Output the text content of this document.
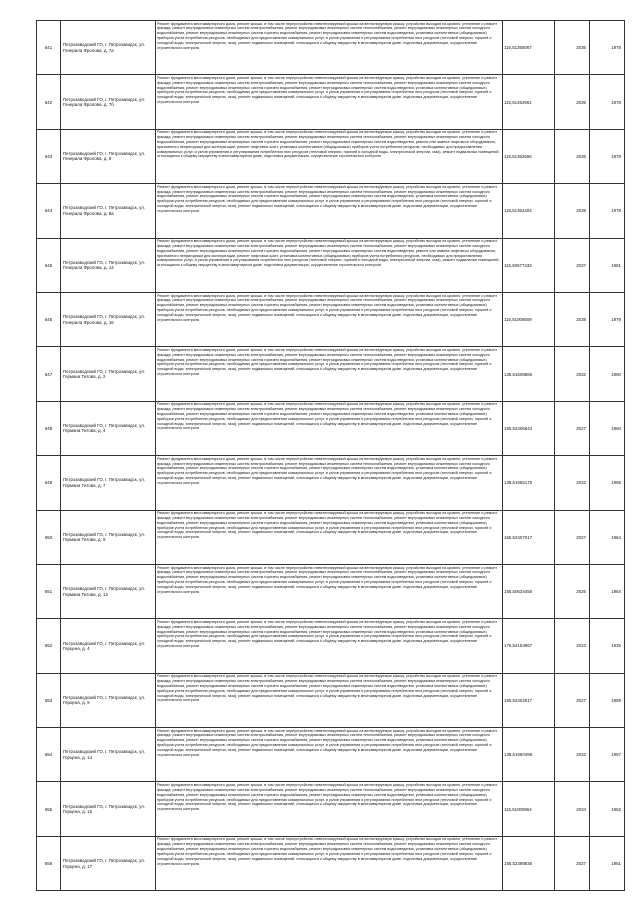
641	Петрозаводский ГО, г. Петрозаводск, ул. Генерала Фролова, д. 7а	Ремонт фундамента многоквартирного дома, ремонт крыши, в том числе переустройство невентилируемой крыши на вентилируемую крышу, устройство выходов на кровлю, утепление и ремонт фасада, ремонт внутридомовых инженерных систем электроснабжения, ремонт внутридомовых инженерных систем теплоснабжения, ремонт внутридомовых инженерных систем холодного водоснабжения, ремонт внутридомовых инженерных систем горячего водоснабжения, ремонт внутридомовых инженерных систем водоотведения, установка коллективных (общедомовых) приборов учета потребления ресурсов, необходимых для предоставления коммунальных услуг, и узлов управления и регулирования потребления этих ресурсов (тепловой энергии, горячей и холодной воды, электрической энергии, газа), ремонт подвальных помещений, относящихся к общему имуществу в многоквартирном доме, подготовка документации, осуществление строительного контроля	115,51355067	2036	1978
642	Петрозаводский ГО, г. Петрозаводск, ул. Генерала Фролова, д. 7б	Ремонт фундамента многоквартирного дома, ремонт крыши, в том числе переустройство невентилируемой крыши на вентилируемую крышу, устройство выходов на кровлю, утепление и ремонт фасада, ремонт внутридомовых инженерных систем электроснабжения, ремонт внутридомовых инженерных систем теплоснабжения, ремонт внутридомовых инженерных систем холодного водоснабжения, ремонт внутридомовых инженерных систем горячего водоснабжения, ремонт внутридомовых инженерных систем водоотведения, установка коллективных (общедомовых) приборов учета потребления ресурсов, необходимых для предоставления коммунальных услуг, и узлов управления и регулирования потребления этих ресурсов (тепловой энергии, горячей и холодной воды, электрической энергии, газа), ремонт подвальных помещений, относящихся к общему имуществу в многоквартирном доме, подготовка документации, осуществление строительного контроля	115,51462961	2036	1978
643	Петрозаводский ГО, г. Петрозаводск, ул. Генерала Фролова, д. 8	Ремонт фундамента многоквартирного дома, ремонт крыши, в том числе переустройство невентилируемой крыши на вентилируемую крышу, устройство выходов на кровлю, утепление и ремонт фасада, ремонт внутридомовых инженерных систем электроснабжения, ремонт внутридомовых инженерных систем теплоснабжения, ремонт внутридомовых инженерных систем холодного водоснабжения, ремонт внутридомовых инженерных систем горячего водоснабжения, ремонт внутридомовых инженерных систем водоотведения, ремонт или замена лифтового оборудования, признанного непригодным для эксплуатации, ремонт лифтовых шахт, установка коллективных (общедомовых) приборов учета потребления ресурсов, необходимых для предоставления коммунальных услуг, и узлов управления и регулирования потребления этих ресурсов (тепловой энергии, горячей и холодной воды, электрической энергии, газа), ремонт подвальных помещений, относящихся к общему имуществу в многоквартирном доме, подготовка документации, осуществление строительного контроля	115,51362666	2036	1978
644	Петрозаводский ГО, г. Петрозаводск, ул. Генерала Фролова, д. 8а	Ремонт фундамента многоквартирного дома, ремонт крыши, в том числе переустройство невентилируемой крыши на вентилируемую крышу, устройство выходов на кровлю, утепление и ремонт фасада, ремонт внутридомовых инженерных систем электроснабжения, ремонт внутридомовых инженерных систем теплоснабжения, ремонт внутридомовых инженерных систем холодного водоснабжения, ремонт внутридомовых инженерных систем горячего водоснабжения, ремонт внутридомовых инженерных систем водоотведения, установка коллективных (общедомовых) приборов учета потребления ресурсов, необходимых для предоставления коммунальных услуг, и узлов управления и регулирования потребления этих ресурсов (тепловой энергии, горячей и холодной воды, электрической энергии, газа), ремонт подвальных помещений, относящихся к общему имуществу в многоквартирном доме, подготовка документации, осуществление строительного контроля	115,51362404	2035	1978
645	Петрозаводский ГО, г. Петрозаводск, ул. Генерала Фролова, д. 14	Ремонт фундамента многоквартирного дома, ремонт крыши, в том числе переустройство невентилируемой крыши на вентилируемую крышу, устройство выходов на кровлю, утепление и ремонт фасада, ремонт внутридомовых инженерных систем электроснабжения, ремонт внутридомовых инженерных систем теплоснабжения, ремонт внутридомовых инженерных систем холодного водоснабжения, ремонт внутридомовых инженерных систем горячего водоснабжения, ремонт внутридомовых инженерных систем водоотведения, ремонт или замена лифтового оборудования, признанного непригодным для эксплуатации, ремонт лифтовых шахт, установка коллективных (общедомовых) приборов учета потребления ресурсов, необходимых для предоставления коммунальных услуг, и узлов управления и регулирования потребления этих ресурсов (тепловой энергии, горячей и холодной воды, электрической энергии, газа), ремонт подвальных помещений, относящихся к общему имуществу в многоквартирном доме, подготовка документации, осуществление строительного контроля	115,50677433	2037	1981
646	Петрозаводский ГО, г. Петрозаводск, ул. Генерала Фролова, д. 16	Ремонт фундамента многоквартирного дома, ремонт крыши, в том числе переустройство невентилируемой крыши на вентилируемую крышу, устройство выходов на кровлю, утепление и ремонт фасада, ремонт внутридомовых инженерных систем электроснабжения, ремонт внутридомовых инженерных систем теплоснабжения, ремонт внутридомовых инженерных систем холодного водоснабжения, ремонт внутридомовых инженерных систем горячего водоснабжения, ремонт внутридомовых инженерных систем водоотведения, установка коллективных (общедомовых) приборов учета потребления ресурсов, необходимых для предоставления коммунальных услуг, и узлов управления и регулирования потребления этих ресурсов (тепловой энергии, горячей и холодной воды, электрической энергии, газа), ремонт подвальных помещений, относящихся к общему имуществу в многоквартирном доме, подготовка документации, осуществление строительного контроля	115,51006609	2038	1979
647	Петрозаводский ГО, г. Петрозаводск, ул. Германа Титова, д. 2	Ремонт фундамента многоквартирного дома, ремонт крыши, в том числе переустройство невентилируемой крыши на вентилируемую крышу, устройство выходов на кровлю, утепление и ремонт фасада, ремонт внутридомовых инженерных систем электроснабжения, ремонт внутридомовых инженерных систем теплоснабжения, ремонт внутридомовых инженерных систем холодного водоснабжения, ремонт внутридомовых инженерных систем горячего водоснабжения, ремонт внутридомовых инженерных систем водоотведения, установка коллективных (общедомовых) приборов учета потребления ресурсов, необходимых для предоставления коммунальных услуг, и узлов управления и регулирования потребления этих ресурсов (тепловой энергии, горячей и холодной воды, электрической энергии, газа), ремонт подвальных помещений, относящихся к общему имуществу в многоквартирном доме, подготовка документации, осуществление строительного контроля	135,51608866	2032	1960
648	Петрозаводский ГО, г. Петрозаводск, ул. Германа Титова, д. 4	Ремонт фундамента многоквартирного дома, ремонт крыши, в том числе переустройство невентилируемой крыши на вентилируемую крышу, устройство выходов на кровлю, утепление и ремонт фасада, ремонт внутридомовых инженерных систем электроснабжения, ремонт внутридомовых инженерных систем теплоснабжения, ремонт внутридомовых инженерных систем холодного водоснабжения, ремонт внутридомовых инженерных систем горячего водоснабжения, ремонт внутридомовых инженерных систем водоотведения, установка коллективных (общедомовых) приборов учета потребления ресурсов, необходимых для предоставления коммунальных услуг, и узлов управления и регулирования потребления этих ресурсов (тепловой энергии, горячей и холодной воды, электрической энергии, газа), ремонт подвальных помещений, относящихся к общему имуществу в многоквартирном доме, подготовка документации, осуществление строительного контроля	155,52406844	2027	1960
649	Петрозаводский ГО, г. Петрозаводск, ул. Германа Титова, д. 7	Ремонт фундамента многоквартирного дома, ремонт крыши, в том числе переустройство невентилируемой крыши на вентилируемую крышу, устройство выходов на кровлю, утепление и ремонт фасада, ремонт внутридомовых инженерных систем электроснабжения, ремонт внутридомовых инженерных систем теплоснабжения, ремонт внутридомовых инженерных систем холодного водоснабжения, ремонт внутридомовых инженерных систем горячего водоснабжения, ремонт внутридомовых инженерных систем водоотведения, установка коллективных (общедомовых) приборов учета потребления ресурсов, необходимых для предоставления коммунальных услуг, и узлов управления и регулирования потребления этих ресурсов (тепловой энергии, горячей и холодной воды, электрической энергии, газа), ремонт подвальных помещений, относящихся к общему имуществу в многоквартирном доме, подготовка документации, осуществление строительного контроля	135,51965175	2032	1955
650	Петрозаводский ГО, г. Петрозаводск, ул. Германа Титова, д. 9	Ремонт фундамента многоквартирного дома, ремонт крыши, в том числе переустройство невентилируемой крыши на вентилируемую крышу, устройство выходов на кровлю, утепление и ремонт фасада, ремонт внутридомовых инженерных систем электроснабжения, ремонт внутридомовых инженерных систем теплоснабжения, ремонт внутридомовых инженерных систем холодного водоснабжения, ремонт внутридомовых инженерных систем горячего водоснабжения, ремонт внутридомовых инженерных систем водоотведения, установка коллективных (общедомовых) приборов учета потребления ресурсов, необходимых для предоставления коммунальных услуг, и узлов управления и регулирования потребления этих ресурсов (тепловой энергии, горячей и холодной воды, электрической энергии, газа), ремонт подвальных помещений, относящихся к общему имуществу в многоквартирном доме, подготовка документации, осуществление строительного контроля	155,52407017	2027	1964
651	Петрозаводский ГО, г. Петрозаводск, ул. Германа Титова, д. 12	Ремонт фундамента многоквартирного дома, ремонт крыши, в том числе переустройство невентилируемой крыши на вентилируемую крышу, устройство выходов на кровлю, утепление и ремонт фасада, ремонт внутридомовых инженерных систем электроснабжения, ремонт внутридомовых инженерных систем теплоснабжения, ремонт внутридомовых инженерных систем холодного водоснабжения, ремонт внутридомовых инженерных систем горячего водоснабжения, ремонт внутридомовых инженерных систем водоотведения, установка коллективных (общедомовых) приборов учета потребления ресурсов, необходимых для предоставления коммунальных услуг, и узлов управления и регулирования потребления этих ресурсов (тепловой энергии, горячей и холодной воды, электрической энергии, газа), ремонт подвальных помещений, относящихся к общему имуществу в многоквартирном доме, подготовка документации, осуществление строительного контроля	155,50634456	2026	1964
652	Петрозаводский ГО, г. Петрозаводск, ул. Герцена, д. 4	Ремонт фундамента многоквартирного дома, ремонт крыши, в том числе переустройство невентилируемой крыши на вентилируемую крышу, устройство выходов на кровлю, утепление и ремонт фасада, ремонт внутридомовых инженерных систем электроснабжения, ремонт внутридомовых инженерных систем теплоснабжения, ремонт внутридомовых инженерных систем холодного водоснабжения, ремонт внутридомовых инженерных систем горячего водоснабжения, ремонт внутридомовых инженерных систем водоотведения, установка коллективных (общедомовых) приборов учета потребления ресурсов, необходимых для предоставления коммунальных услуг, и узлов управления и регулирования потребления этих ресурсов (тепловой энергии, горячей и холодной воды, электрической энергии, газа), ремонт подвальных помещений, относящихся к общему имуществу в многоквартирном доме, подготовка документации, осуществление строительного контроля	176,54153967	2023	1926
653	Петрозаводский ГО, г. Петрозаводск, ул. Герцена, д. 9	Ремонт фундамента многоквартирного дома, ремонт крыши, в том числе переустройство невентилируемой крыши на вентилируемую крышу, устройство выходов на кровлю, утепление и ремонт фасада, ремонт внутридомовых инженерных систем электроснабжения, ремонт внутридомовых инженерных систем теплоснабжения, ремонт внутридомовых инженерных систем холодного водоснабжения, ремонт внутридомовых инженерных систем горячего водоснабжения, ремонт внутридомовых инженерных систем водоотведения, установка коллективных (общедомовых) приборов учета потребления ресурсов, необходимых для предоставления коммунальных услуг, и узлов управления и регулирования потребления этих ресурсов (тепловой энергии, горячей и холодной воды, электрической энергии, газа), ремонт подвальных помещений, относящихся к общему имуществу в многоквартирном доме, подготовка документации, осуществление строительного контроля	155,52402517	2027	1959
654	Петрозаводский ГО, г. Петрозаводск, ул. Герцена, д. 14	Ремонт фундамента многоквартирного дома, ремонт крыши, в том числе переустройство невентилируемой крыши на вентилируемую крышу, устройство выходов на кровлю, утепление и ремонт фасада, ремонт внутридомовых инженерных систем электроснабжения, ремонт внутридомовых инженерных систем теплоснабжения, ремонт внутридомовых инженерных систем холодного водоснабжения, ремонт внутридомовых инженерных систем горячего водоснабжения, ремонт внутридомовых инженерных систем водоотведения, установка коллективных (общедомовых) приборов учета потребления ресурсов, необходимых для предоставления коммунальных услуг, и узлов управления и регулирования потребления этих ресурсов (тепловой энергии, горячей и холодной воды, электрической энергии, газа), ремонт подвальных помещений, относящихся к общему имуществу в многоквартирном доме, подготовка документации, осуществление строительного контроля	135,51950459	2032	1957
655	Петрозаводский ГО, г. Петрозаводск, ул. Герцена, д. 15	Ремонт фундамента многоквартирного дома, ремонт крыши, в том числе переустройство невентилируемой крыши на вентилируемую крышу, устройство выходов на кровлю, утепление и ремонт фасада, ремонт внутридомовых инженерных систем электроснабжения, ремонт внутридомовых инженерных систем теплоснабжения, ремонт внутридомовых инженерных систем холодного водоснабжения, ремонт внутридомовых инженерных систем горячего водоснабжения, ремонт внутридомовых инженерных систем водоотведения, установка коллективных (общедомовых) приборов учета потребления ресурсов, необходимых для предоставления коммунальных услуг, и узлов управления и регулирования потребления этих ресурсов (тепловой энергии, горячей и холодной воды, электрической энергии, газа), ремонт подвальных помещений, относящихся к общему имуществу в многоквартирном доме, подготовка документации, осуществление строительного контроля	115,51006964	2034	1962
656	Петрозаводский ГО, г. Петрозаводск, ул. Герцена, д. 17	Ремонт фундамента многоквартирного дома, ремонт крыши, в том числе переустройство невентилируемой крыши на вентилируемую крышу, устройство выходов на кровлю, утепление и ремонт фасада, ремонт внутридомовых инженерных систем электроснабжения, ремонт внутридомовых инженерных систем теплоснабжения, ремонт внутридомовых инженерных систем холодного водоснабжения, ремонт внутридомовых инженерных систем горячего водоснабжения, ремонт внутридомовых инженерных систем водоотведения, установка коллективных (общедомовых) приборов учета потребления ресурсов, необходимых для предоставления коммунальных услуг, и узлов управления и регулирования потребления этих ресурсов (тепловой энергии, горячей и холодной воды, электрической энергии, газа), ремонт подвальных помещений, относящихся к общему имуществу в многоквартирном доме, подготовка документации, осуществление строительного контроля	155,52398835	2027	1961
